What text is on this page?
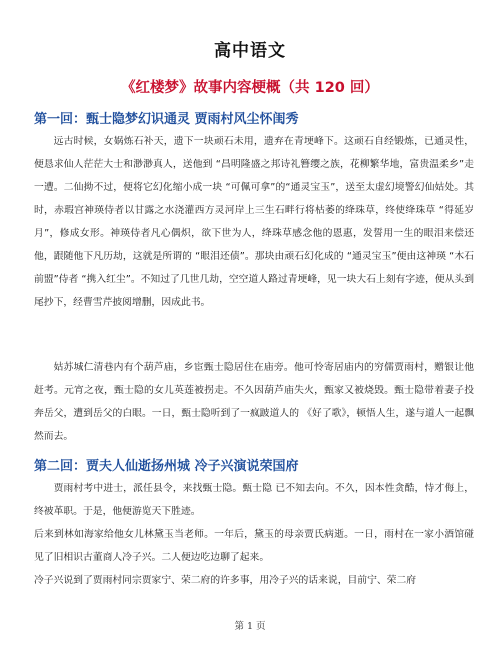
高中语文
《红楼梦》故事内容梗概（共 120 回）
第一回：甄士隐梦幻识通灵 贾雨村风尘怀闺秀

远古时候，女娲炼石补天，遗下一块顽石未用，遗弃在青埂峰下。这顽石自经锻炼，已通灵性，便恳求仙人茫茫大士和渺渺真人，送他到 “昌明隆盛之邦诗礼簪缨之族，花柳繁华地，富贵温柔乡”走一遭。二仙拗不过，便将它幻化缩小成一块 “可佩可拿”的“通灵宝玉”，送至太虚幻境警幻仙姑处。其时，赤瑕宫神瑛侍者以甘露之水浇灌西方灵河岸上三生石畔行将枯萎的绛珠草，终使绛珠草 “得延岁月”，修成女形。神瑛侍者凡心偶炽，欲下世为人，绛珠草感念他的恩惠，发誓用一生的眼泪来偿还他，跟随他下凡历劫，这就是所谓的 “眼泪还债”。那块由顽石幻化成的 “通灵宝玉”便由这神瑛 “木石前盟”侍者 “携入红尘”。不知过了几世几劫，空空道人路过青埂峰，见一块大石上刻有字迹，便从头到尾抄下，经曹雪芹披阅增删，因成此书。

姑苏城仁清巷内有个葫芦庙，乡宦甄士隐居住在庙旁。他可怜寄居庙内的穷儒贾雨村，赠银让他赶考。元宵之夜，甄士隐的女儿英莲被拐走。不久因葫芦庙失火，甄家又被烧毁。甄士隐带着妻子投奔岳父，遭到岳父的白眼。一日，甄士隐听到了一疯跛道人的 《好了歌》，顿悟人生，遂与道人一起飘然而去。

第二回：贾夫人仙逝扬州城 冷子兴演说荣国府

贾雨村考中进士，派任县令，来找甄士隐。甄士隐 已不知去向。不久，因本性贪酷，恃才侮上，终被革职。于是，他便游览天下胜迹。

后来到林如海家给他女儿林黛玉当老师。一年后，黛玉的母亲贾氏病逝。一日，雨村在一家小酒馆碰见了旧相识古董商人冷子兴。二人便边吃边聊了起来。

冷子兴说到了贾雨村同宗贾家宁、荣二府的许多事，用冷子兴的话来说，目前宁、荣二府

第 1 页
